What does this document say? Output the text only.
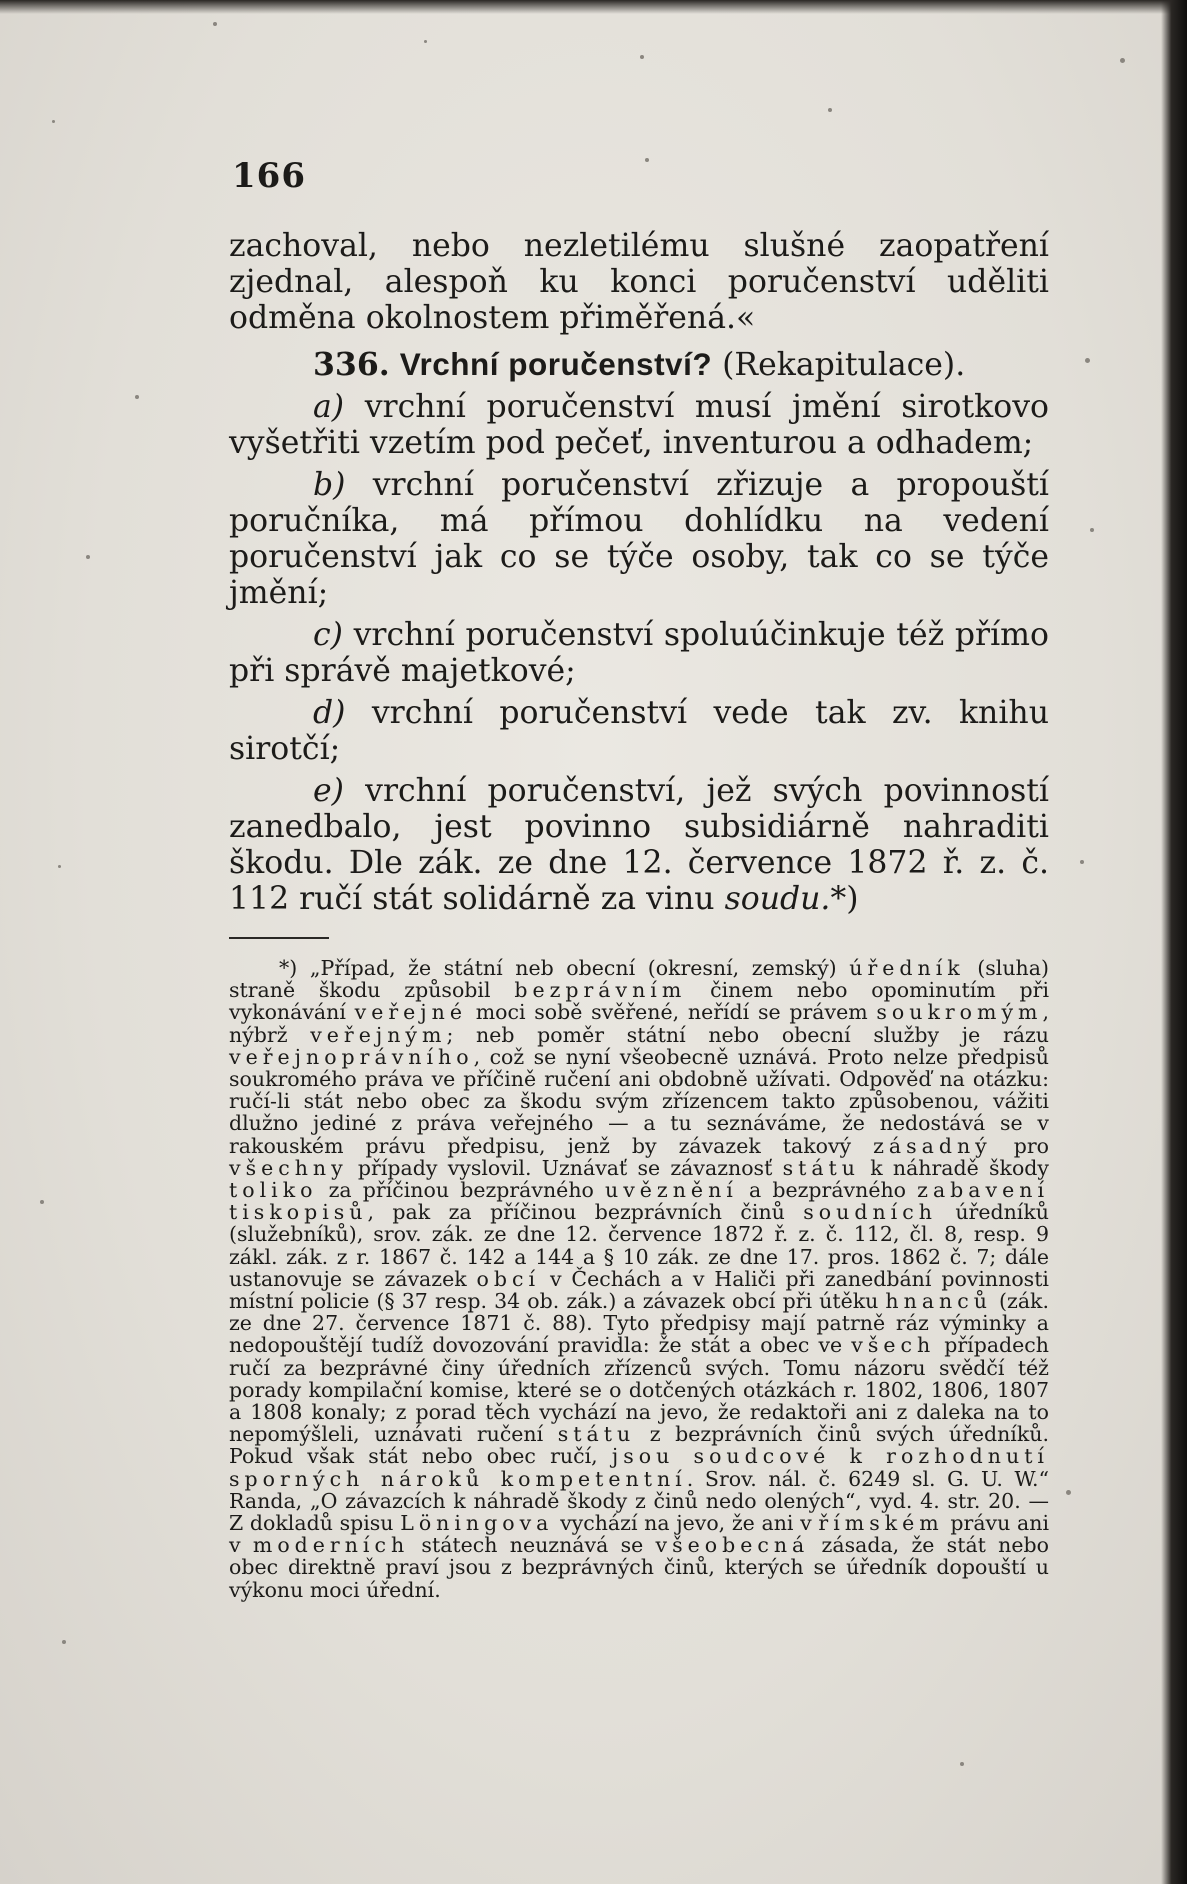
166

zachoval, nebo nezletilému slušné zaopatření zjednal, alespoň ku konci poručenství uděliti odměna okolnostem přiměřená.«

336. Vrchní poručenství? (Rekapitulace).

a) vrchní poručenství musí jmění sirotkovo vyšetřiti vzetím pod pečeť, inventurou a odhadem;

b) vrchní poručenství zřizuje a propouští poručníka, má přímou dohlídku na vedení poručenství jak co se týče osoby, tak co se týče jmění;

c) vrchní poručenství spoluúčinkuje též přímo při správě majetkové;

d) vrchní poručenství vede tak zv. knihu sirotčí;

e) vrchní poručenství, jež svých povinností zanedbalo, jest povinno subsidiárně nahraditi škodu. Dle zák. ze dne 12. července 1872 ř. z. č. 112 ručí stát solidárně za vinu soudu.*)

*) „Případ, že státní neb obecní (okresní, zemský) úředník (sluha) straně škodu způsobil bezprávním činem nebo opominutím při vykonávání veřejné moci sobě svěřené, neřídí se právem soukromým, nýbrž veřejným; neb poměr státní nebo obecní služby je rázu veřejnoprávního, což se nyní všeobecně uznává. Proto nelze předpisů soukromého práva ve příčině ručení ani obdobně užívati. Odpověď na otázku: ručí-li stát nebo obec za škodu svým zřízencem takto způsobenou, vážiti dlužno jediné z práva veřejného — a tu seznáváme, že nedostává se v rakouském právu předpisu, jenž by závazek takový zásadný pro všechny případy vyslovil. Uznávať se závaznosť státu k náhradě škody toliko za příčinou bezprávného uvěznění a bezprávného zabavení tiskopisů, pak za příčinou bezprávních činů soudních úředníků (služebníků), srov. zák. ze dne 12. července 1872 ř. z. č. 112, čl. 8, resp. 9 zákl. zák. z r. 1867 č. 142 a 144 a § 10 zák. ze dne 17. pros. 1862 č. 7; dále ustanovuje se závazek obcí v Čechách a v Haliči při zanedbání povinnosti místní policie (§ 37 resp. 34 ob. zák.) a závazek obcí při útěku hnanců (zák. ze dne 27. července 1871 č. 88). Tyto předpisy mají patrně ráz výminky a nedopouštějí tudíž dovozování pravidla: že stát a obec ve všech případech ručí za bezprávné činy úředních zřízenců svých. Tomu názoru svědčí též porady kompilační komise, které se o dotčených otázkách r. 1802, 1806, 1807 a 1808 konaly; z porad těch vychází na jevo, že redaktoři ani z daleka na to nepomýšleli, uznávati ručení státu z bezprávních činů svých úředníků. Pokud však stát nebo obec ručí, jsou soudcové k rozhodnutí sporných nároků kompetentní. Srov. nál. č. 6249 sl. G. U. W.“ Randa, „O závazcích k náhradě škody z činů nedo olených“, vyd. 4. str. 20. — Z dokladů spisu Löningova vychází na jevo, že ani v římském právu ani v moderních státech neuznává se všeobecná zásada, že stát nebo obec direktně praví jsou z bezprávných činů, kterých se úředník dopouští u výkonu moci úřední.
